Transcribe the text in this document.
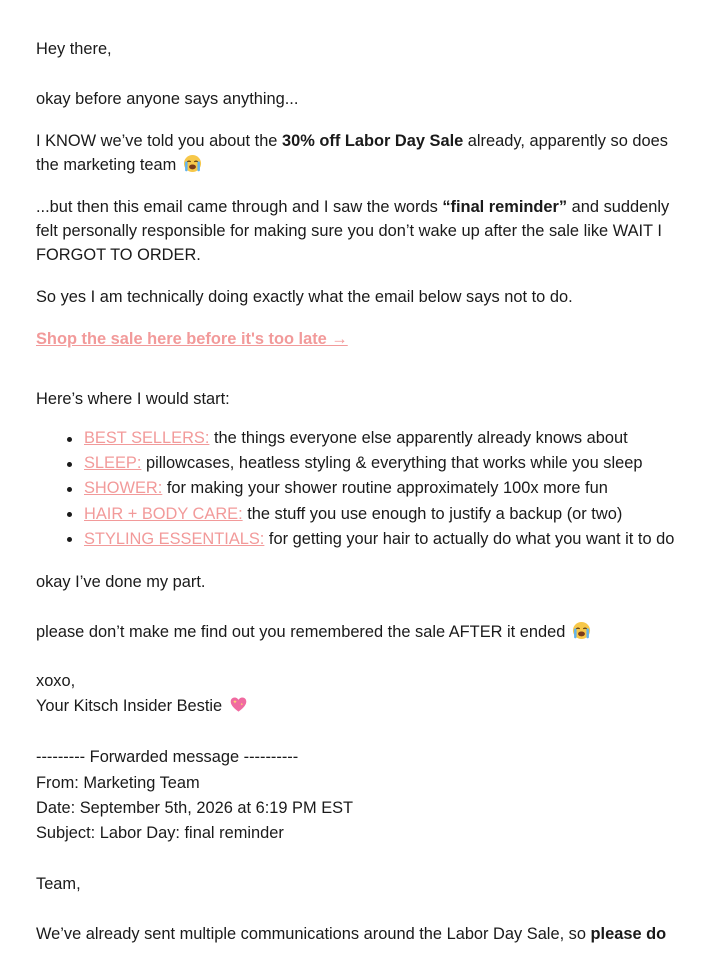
Hey there,

okay before anyone says anything...

I KNOW we’ve told you about the 30% off Labor Day Sale already, apparently so does the marketing team

...but then this email came through and I saw the words “final reminder” and suddenly felt personally responsible for making sure you don’t wake up after the sale like WAIT I FORGOT TO ORDER.

So yes I am technically doing exactly what the email below says not to do.

Shop the sale here before it's too late →

Here’s where I would start:

BEST SELLERS: the things everyone else apparently already knows about
SLEEP: pillowcases, heatless styling & everything that works while you sleep
SHOWER: for making your shower routine approximately 100x more fun
HAIR + BODY CARE: the stuff you use enough to justify a backup (or two)
STYLING ESSENTIALS: for getting your hair to actually do what you want it to do

okay I’ve done my part.

please don’t make me find out you remembered the sale AFTER it ended

xoxo,

Your Kitsch Insider Bestie

--------- Forwarded message ----------

From: Marketing Team

Date: September 5th, 2026 at 6:19 PM EST

Subject: Labor Day: final reminder

Team,

We’ve already sent multiple communications around the Labor Day Sale, so please do
